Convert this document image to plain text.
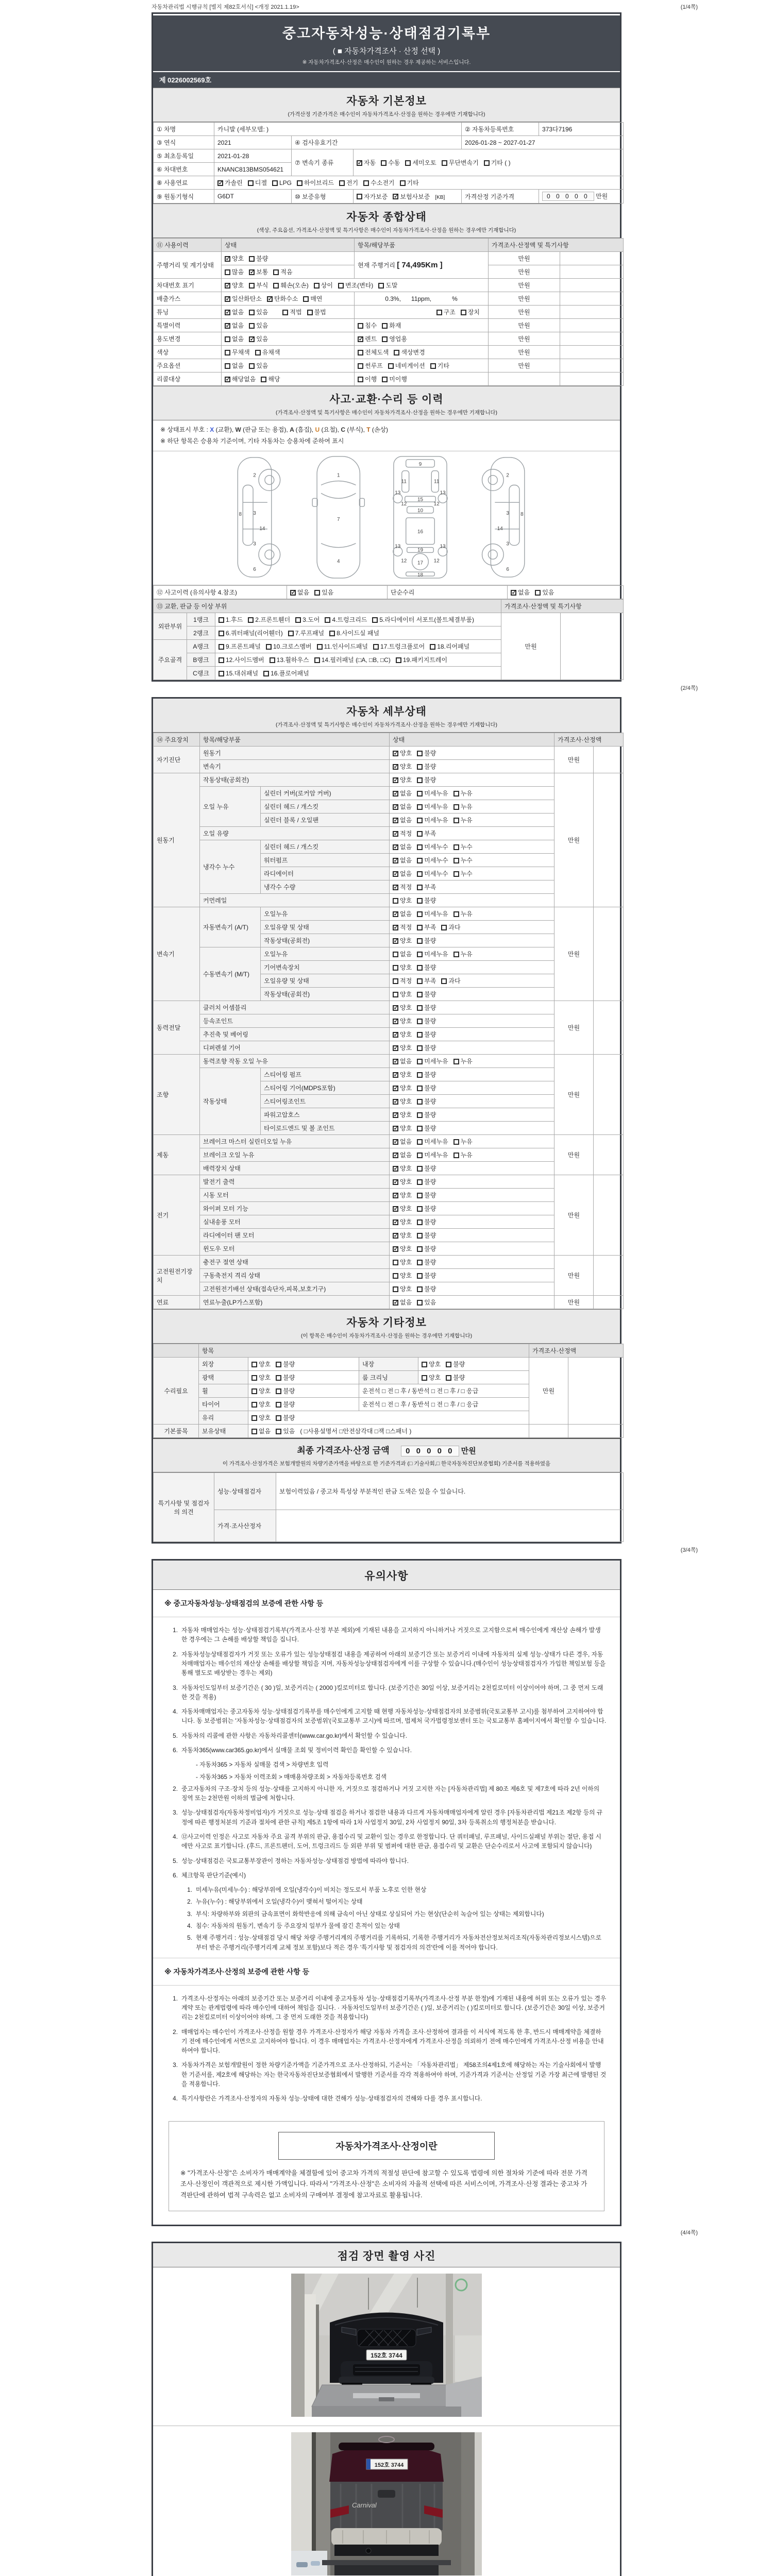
자동차관리법 시행규칙 [별지 제82호서식] <개정 2021.1.19>	(1/4쪽)
중고자동차성능·상태점검기록부
( ■ 자동차가격조사 · 산정 선택 )
※ 자동차가격조사·산정은 매수인이 원하는 경우 제공하는 서비스입니다.
제 0226002569호
자동차 기본정보
(가격산정 기준가격은 매수인이 자동차가격조사·산정을 원하는 경우에만 기재합니다)
① 차명	카니발 (세부모델: )			② 자동차등록번호	373다7196
③ 연식	2021	④ 검사유효기간		2026-01-28 ~ 2027-01-27	
⑤ 최초등록일	2021-01-28	⑦ 변속기 종류	✓자동 수동 세미오토 무단변속기 기타 ( )
⑥ 차대번호	KNANC813BMS054621				
⑧ 사용연료	✓가솔린 디젤 LPG 하이브리드 전기 수소전기 기타
⑨ 원동기형식	G6DT	⑩ 보증유형	자가보증 ✓ 보험사보증 [KB]	가격산정 기준가격	0 0 0 0 0 만원
자동차 종합상태
(색상, 주요옵션, 가격조사·산정액 및 특기사항은 매수인이 자동차가격조사·산정을 원하는 경우에만 기재합니다)
⑪ 사용이력	상태	항목/해당부품	가격조사·산정액 및 특기사항	
주행거리 및 계기상태	✓양호 불량	현재 주행거리 [ 74,495Km ]	만원	
	많음 ✓ 보통 적음		만원	
차대번호 표기	✓양호 부식 훼손(오손) 상이 변조(변타) 도말		만원	
배출가스	✓일산화탄소 ✓ 탄화수소 매연	0.3%,      11ppm,            %	만원	
튜닝	✓없음 있음 적법 불법	구조 장치	만원	
특별이력	✓없음 있음	침수 화재	만원	
용도변경	없음 ✓ 있음	✓렌트 영업용	만원	
색상	무채색 유채색	전체도색 색상변경	만원	
주요옵션	없음 있음	썬루프 네비게이션 기타	만원	
리콜대상	✓해당없음 해당	이행 미이행		
사고·교환·수리 등 이력
(가격조사·산정액 및 특기사항은 매수인이 자동차가격조사·산정을 원하는 경우에만 기재합니다)
※ 상태표시 부호 : X (교환), W (판금 또는 용접), A (흠집), U (요철), C (부식), T (손상)
※ 하단 항목은 승용차 기준이며, 기타 자동차는 승용차에 준하여 표시
2
8 3
14
3
6
1
7
4
9
11	11
13	13
12	12
15
10
16
19
13	13
12	12
17
18
2
8
3
14
3
6
⑫ 사고이력 (유의사항 4.참조)	✓없음 있음	단순수리	✓없음 있음
⑬ 교환, 판금 등 이상 부위			가격조사·산정액 및 특기사항	
외판부위	1랭크	1.후드 2.프론트휀더 3.도어 4.트렁크리드 5.라디에이터 서포트(볼트체결부품)	만원	
	2랭크	6.쿼터패널(리어휀더) 7.루프패널 8.사이드실 패널		
주요골격	A랭크	9.프론트패널 10.크로스멤버 11.인사이드패널 17.트렁크플로어 18.리어패널		
	B랭크	12.사이드멤버 13.휠하우스 14.필러패널 (□A, □B, □C) 19.패키지트레이		
	C랭크	15.대쉬패널 16.플로어패널		
(2/4쪽)
자동차 세부상태
(가격조사·산정액 및 특기사항은 매수인이 자동차가격조사·산정을 원하는 경우에만 기재합니다)
⑭ 주요장치	항목/해당부품		상태	가격조사·산정액	
자기진단	원동기	✓양호 불량	만원	
	변속기	✓양호 불량
원동기	작동상태(공회전)	✓양호 불량	만원	
	오일 누유	실린더 커버(로커암 커버)	✓없음 미세누유 누유
		실린더 헤드 / 개스킷	✓없음 미세누유 누유
		실린더 블록 / 오일팬	✓없음 미세누유 누유
	오일 유량	✓적정 부족
	냉각수 누수	실린더 헤드 / 개스킷	✓없음 미세누수 누수
		워터펌프	✓없음 미세누수 누수
		라디에이터	✓없음 미세누수 누수
		냉각수 수량	✓적정 부족
	커먼레일		양호 불량		
변속기	자동변속기 (A/T)	오일누유	✓없음 미세누유 누유	만원	
		오일유량 및 상태	✓적정 부족 과다
		작동상태(공회전)	✓양호 불량
	수동변속기 (M/T)	오일누유	없음 미세누유 누유		
		기어변속장치	양호 불량		
		오일유량 및 상태	적정 부족 과다		
		작동상태(공회전)	양호 불량		
동력전달	클러치 어셈블리	✓양호 불량	만원	
	등속조인트	✓양호 불량
	추진축 및 베어링	✓양호 불량
	디퍼렌셜 기어	✓양호 불량
조향	동력조향 작동 오일 누유	✓없음 미세누유 누유	만원	
	작동상태	스티어링 펌프	✓양호 불량
		스티어링 기어(MDPS포함)	✓양호 불량
		스티어링조인트	✓양호 불량
		파워고압호스	✓양호 불량
		타이로드엔드 및 볼 조인트	✓양호 불량
제동	브레이크 마스터 실린더오일 누유	✓없음 미세누유 누유	만원	
	브레이크 오일 누유	✓없음 미세누유 누유
	배력장치 상태	✓양호 불량
전기	발전기 출력	✓양호 불량	만원	
	시동 모터	✓양호 불량
	와이퍼 모터 기능	✓양호 불량
	실내송풍 모터	✓양호 불량
	라디에이터 팬 모터	✓양호 불량
	윈도우 모터	✓양호 불량
고전원전기장치	충전구 절연 상태		양호 불량	만원	
	구동축전지 격리 상태		양호 불량		
	고전원전기배선 상태(접속단자,피복,보호기구)		양호 불량		
연료	연료누출(LP가스포함)	✓없음 있음	만원	
자동차 기타정보
(이 항목은 매수인이 자동차가격조사·산정을 원하는 경우에만 기재합니다)
	항목				가격조사·산정액	
수리필요	외장	양호 불량	내장	양호 불량	만원	
	광택	양호 불량	룸 크리닝	양호 불량		
	휠	양호 불량	운전석 □ 전 □ 후 / 동반석 □ 전 □ 후 / □ 응급			
	타이어	양호 불량	운전석 □ 전 □ 후 / 동반석 □ 전 □ 후 / □ 응급			
	유리	양호 불량				
기본품목	보유상태	없음 있음 ( □사용설명서 □안전삼각대 □잭 □스패너 )				
최종 가격조사·산정 금액 0 0 0 0 0 만원
이 가격조사·산정가격은 보험개발원의 차량기준가액을 바탕으로 한 기준가격과 (□ 기술사회,□ 한국자동차진단보증협회) 기준서를 적용하였음
특기사항 및 점검자의 의견	성능·상태점검자	보험이력있음 / 중고차 특성상 부분적인 판금 도색은 있을 수 있습니다.
	가격·조사산정자	
(3/4쪽)
유의사항
※ 중고자동차성능·상태점검의 보증에 관한 사항 등
1. 자동차 매매업자는 성능·상태점검기록부(가격조사·산정 부분 제외)에 기재된 내용을 고지하지 아니하거나 거짓으로 고지함으로써 매수인에게 재산상 손해가 발생한 경우에는 그 손해를 배상할 책임을 집니다.
2. 자동차성능상태점검자가 거짓 또는 오류가 있는 성능상태점검 내용을 제공하여 아래의 보증기간 또는 보증거리 이내에 자동차의 실제 성능·상태가 다른 경우, 자동차매매업자는 매수인의 재산상 손해를 배상할 책임을 지며, 자동차성능상태점검자에게 이를 구상할 수 있습니다.(매수인이 성능상태점검자가 가입한 책임보험 등을 통해 별도로 배상받는 경우는 제외)
3. 자동차인도일부터 보증기간은 ( 30 )일, 보증거리는 ( 2000 )킬로미터로 합니다. (보증기간은 30일 이상, 보증거리는 2천킬로미터 이상이어야 하며, 그 중 먼저 도래한 것을 적용)
4. 자동차매매업자는 중고자동차 성능·상태점검기록부를 매수인에게 고지할 때 현행 자동차성능·상태점검자의 보증범위(국토교통부 고시)를 첨부하여 고지하여야 합니다. 동 보증범위는 '자동차성능·상태점검자의 보증범위'(국토교통부 고시)에 따르며, 법제처 국가법령정보센터 또는 국토교통부 홈페이지에서 확인할 수 있습니다.
5. 자동차의 리콜에 관한 사항은 자동차리콜센터(www.car.go.kr)에서 확인할 수 있습니다.
6. 자동차365(www.car365.go.kr)에서 실매물 조회 및 정비이력 확인을 확인할 수 있습니다.
- 자동차365 > 자동차 실매물 검색 > 차량번호 입력
- 자동차365 > 자동차 이력조회 > 매매용차량조회 > 자동차등록번호 검색
2. 중고자동차의 구조·장치 등의 성능·상태를 고지하지 아니한 자, 거짓으로 점검하거나 거짓 고지한 자는 [자동차관리법] 제 80조 제6호 및 제7호에 따라 2년 이하의 징역 또는 2천만원 이하의 벌금에 처합니다.
3. 성능·상태점검자(자동차정비업자)가 거짓으로 성능·상태 점검을 하거나 점검한 내용과 다르게 자동차매매업자에게 알린 경우 [자동차관리법 제21조 제2항 등의 규정에 따른 행정처분의 기준과 절차에 관한 규칙] 제5조 1항에 따라 1차 사업정지 30일, 2차 사업정지 90일, 3차 등록취소의 행정처분을 받습니다.
4. ⑫사고이력 인정은 사고로 자동차 주요 골격 부위의 판금, 용접수리 및 교환이 있는 경우로 한정합니다. 단 쿼터패널, 루프패널, 사이드실패널 부위는 절단, 용접 시에만 사고로 표기합니다. (후드, 프론트펜더, 도어, 트렁크리드 등 외판 부위 및 범퍼에 대한 판금, 용접수리 및 교환은 단순수리로서 사고에 포함되지 않습니다)
5. 성능·상태점검은 국토교통부장관이 정하는 자동차성능·상태점검 방법에 따라야 합니다.
6. 체크항목 판단기준(예시)
1. 미세누유(미세누수) : 해당부위에 오일(냉각수)이 비치는 정도로서 부품 노후로 인한 현상
2. 누유(누수) : 해당부위에서 오일(냉각수)이 맺혀서 떨어지는 상태
3. 부식: 차량하부와 외판의 금속표면이 화학반응에 의해 금속이 아닌 상태로 상실되어 가는 현상(단순히 녹슬어 있는 상태는 제외합니다)
4. 침수: 자동차의 원동기, 변속기 등 주요장치 일부가 물에 잠긴 흔적이 있는 상태
5. 현재 주행거리 : 성능·상태점검 당시 해당 차량 주행거리계의 주행거리를 기록하되, 기록한 주행거리가 자동차전산정보처리조직(자동차관리정보시스템)으로부터 받은 주행거리(주행거리계 교체 정보 포함)보다 적은 경우 '특기사항 및 점검자의 의견'란에 이를 적어야 합니다.
※ 자동차가격조사·산정의 보증에 관한 사항 등
1. 가격조사·산정자는 아래의 보증기간 또는 보증거리 이내에 중고자동차 성능·상태점검기록부(가격조사·산정 부분 한정)에 기재된 내용에 허위 또는 오류가 있는 경우 계약 또는 관계법령에 따라 매수인에 대하여 책임을 집니다. · 자동차인도일부터 보증기간은 ( )일, 보증거리는 ( )킬로미터로 합니다. (보증기간은 30일 이상, 보증거리는 2천킬로미터 이상이어야 하며, 그 중 먼저 도래한 것을 적용합니다)
2. 매매업자는 매수인이 가격조사·산정을 원할 경우 가격조사·산정자가 해당 자동차 가격을 조사·산정하여 결과를 이 서식에 적도록 한 후, 반드시 매매계약을 체결하기 전에 매수인에게 서면으로 고지하여야 합니다. 이 경우 매매업자는 가격조사·산정자에게 가격조사·산정을 의뢰하기 전에 매수인에게 가격조사·산정 비용을 안내하여야 합니다.
3. 자동차가격은 보험개발원이 정한 차량기준가액을 기준가격으로 조사·산정하되, 기준서는 「자동차관리법」 제58조의4제1호에 해당하는 자는 기술사회에서 발행한 기준서를, 제2호에 해당하는 자는 한국자동차진단보증협회에서 발행한 기준서를 각각 적용하여야 하며, 기준가격과 기준서는 산정일 기준 가장 최근에 발행된 것을 적용합니다.
4. 특기사항란은 가격조사·산정자의 자동차 성능·상태에 대한 견해가 성능·상태점검자의 견해와 다를 경우 표시합니다.
자동차가격조사·산정이란
※ "가격조사·산정"은 소비자가 매매계약을 체결함에 있어 중고차 가격의 적절성 판단에 참고할 수 있도록 법령에 의한 절차와 기준에 따라 전문 가격조사·산정인이 객관적으로 제시한 가액입니다. 따라서 "가격조사·산정"은 소비자의 자율적 선택에 따른 서비스이며, 가격조사·산정 결과는 중고차 가격판단에 관하여 법적 구속력은 없고 소비자의 구매여부 결정에 참고자료로 활용됩니다.
(4/4쪽)
점검 장면 촬영 사진
152호 3744
152호 3744
Carnival
